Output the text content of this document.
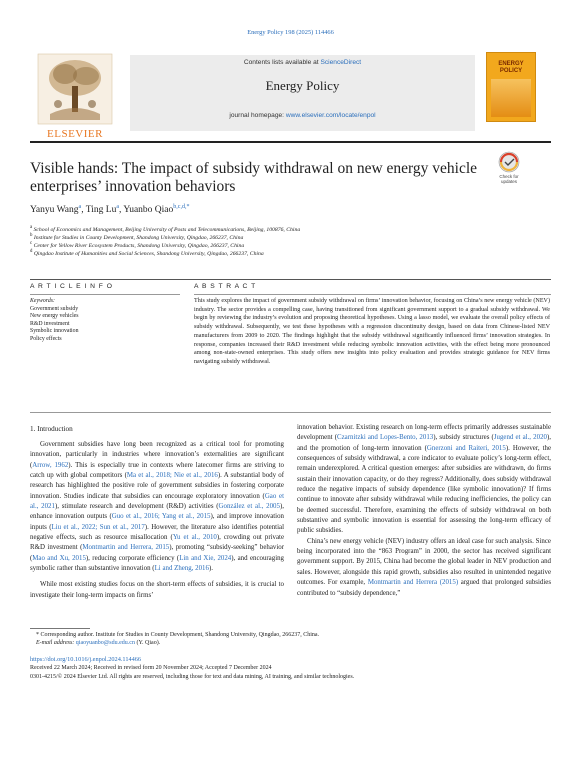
Energy Policy 198 (2025) 114466
ELSEVIER
Contents lists available at ScienceDirect
Energy Policy
journal homepage: www.elsevier.com/locate/enpol
ENERGY
POLICY
Visible hands: The impact of subsidy withdrawal on new energy vehicle
enterprises’ innovation behaviors
Check for
updates
Yanyu Wang$^a$, Ting Lu$^a$, Yuanbo Qiao$^{b,c,d,*}$
$^a$ School of Economics and Management, Beijing University of Posts and Telecommunications, Beijing, 100876, China
$^b$ Institute for Studies in County Development, Shandong University, Qingdao, 266237, China
$^c$ Center for Yellow River Ecosystem Products, Shandong University, Qingdao, 266237, China
$^d$ Qingdao Institute of Humanities and Social Sciences, Shandong University, Qingdao, 266237, China
A R T I C L E I N F O	A B S T R A C T
Keywords:
Government subsidy
New energy vehicles
R&D investment
Symbolic innovation
Policy effects
This study explores the impact of government subsidy withdrawal on firms’ innovation behavior, focusing on China’s new energy vehicle (NEV) industry. The sector provides a compelling case, having transitioned from significant government support to a gradual subsidy withdrawal. We begin by reviewing the industry’s evolution and proposing theoretical hypotheses. Using a lasso model, we evaluate the overall policy effects of subsidy withdrawal. Subsequently, we test these hypotheses with a regression discontinuity design, based on data from Chinese-listed NEV manufacturers from 2009 to 2020. The findings highlight that the subsidy withdrawal significantly influenced firms’ innovation strategies. In response, companies increased their R&D investment while reducing symbolic innovation activities, with the effect being more pronounced among non-state-owned enterprises. This study offers new insights into policy evaluation and provides strategic guidance for NEV firms navigating subsidy withdrawal.
1. Introduction

Government subsidies have long been recognized as a critical tool for promoting innovation, particularly in industries where innovation’s externalities are significant (Arrow, 1962). This is especially true in contexts where latecomer firms are striving to catch up with global competitors (Ma et al., 2018; Nie et al., 2016). A substantial body of research has highlighted the positive role of government subsidies in fostering corporate innovation. Studies indicate that subsidies can encourage exploratory innovation (Gao et al., 2021), stimulate research and development (R&D) activities (González et al., 2005), enhance innovation outputs (Guo et al., 2016; Yang et al., 2015), and improve innovation inputs (Liu et al., 2022; Sun et al., 2017). However, the literature also identifies potential negative effects, such as resource misallocation (Yu et al., 2010), crowding out private R&D investment (Montmartin and Herrera, 2015), promoting “subsidy-seeking” behavior (Mao and Xu, 2015), reducing corporate efficiency (Lin and Xie, 2024), and encouraging symbolic rather than substantive innovation (Li and Zheng, 2016).

While most existing studies focus on the short-term effects of subsidies, it is crucial to investigate their long-term impacts on firms’

innovation behavior. Existing research on long-term effects primarily addresses sustainable development (Czarnitzki and Lopes-Bento, 2013), subsidy structures (Jugend et al., 2020), and the promotion of long-term innovation (Gnerzoni and Raiteri, 2015). However, the consequences of subsidy withdrawal, a core indicator to evaluate policy’s long-term effect, remain underexplored. A critical question emerges: after subsidies are withdrawn, do firms sustain their innovation capacity, or do they regress? Additionally, does subsidy withdrawal reduce the negative impacts of subsidy dependence (like symbolic innovation)? If firms continue to innovate after subsidy withdrawal while reducing inefficiencies, the policy can be deemed successful. Therefore, examining the effects of subsidy withdrawal on both substantive and symbolic innovation is essential for assessing the long-term efficacy of public subsidies.

China’s new energy vehicle (NEV) industry offers an ideal case for such analysis. Since being incorporated into the “863 Program” in 2000, the sector has received significant government support. By 2015, China had become the global leader in NEV production and sales. However, alongside this rapid growth, subsidies also resulted in unintended negative outcomes. For example, Montmartin and Herrera (2015) argued that prolonged subsidies contributed to “subsidy dependence,”

* Corresponding author. Institute for Studies in County Development, Shandong University, Qingdao, 266237, China.
E-mail address: qiaoyuanbo@sdu.edu.cn (Y. Qiao).
https://doi.org/10.1016/j.enpol.2024.114466
Received 22 March 2024; Received in revised form 20 November 2024; Accepted 7 December 2024
0301-4215/© 2024 Elsevier Ltd. All rights are reserved, including those for text and data mining, AI training, and similar technologies.
